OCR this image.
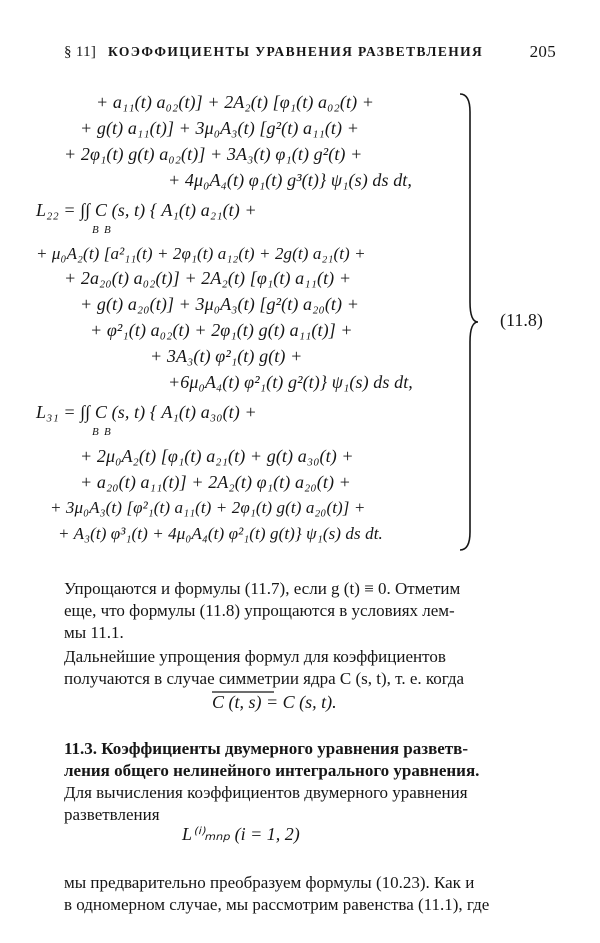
§ 11] КОЭФФИЦИЕНТЫ УРАВНЕНИЯ РАЗВЕТВЛЕНИЯ	205
+ a₁₁(t) a₀₂(t)] + 2A₂(t) [φ₁(t) a₀₂(t) +
+ g(t) a₁₁(t)] + 3μ₀A₃(t) [g²(t) a₁₁(t) +
+ 2φ₁(t) g(t) a₀₂(t)] + 3A₃(t) φ₁(t) g²(t) +
+ 4μ₀A₄(t) φ₁(t) g³(t)} ψ₁(s) ds dt,
L₂₂ = ∫∫ C (s, t) { A₁(t) a₂₁(t) +
+ μ₀A₂(t) [a²₁₁(t) + 2φ₁(t) a₁₂(t) + 2g(t) a₂₁(t) +
+ 2a₂₀(t) a₀₂(t)] + 2A₂(t) [φ₁(t) a₁₁(t) +
+ g(t) a₂₀(t)] + 3μ₀A₃(t) [g²(t) a₂₀(t) +
+ φ²₁(t) a₀₂(t) + 2φ₁(t) g(t) a₁₁(t)] +
+ 3A₃(t) φ²₁(t) g(t) +
+6μ₀A₄(t) φ²₁(t) g²(t)} ψ₁(s) ds dt,
L₃₁ = ∫∫ C (s, t) { A₁(t) a₃₀(t) +
+ 2μ₀A₂(t) [φ₁(t) a₂₁(t) + g(t) a₃₀(t) +
+ a₂₀(t) a₁₁(t)] + 2A₂(t) φ₁(t) a₂₀(t) +
+ 3μ₀A₃(t) [φ²₁(t) a₁₁(t) + 2φ₁(t) g(t) a₂₀(t)] +
+ A₃(t) φ³₁(t) + 4μ₀A₄(t) φ²₁(t) g(t)} ψ₁(s) ds dt.
B B
B B
(11.8)
Упрощаются и формулы (11.7), если g (t) ≡ 0. Отметим
еще, что формулы (11.8) упрощаются в условиях лем-
мы 11.1.
Дальнейшие упрощения формул для коэффициентов
получаются в случае симметрии ядра C (s, t), т. е. когда
C (t, s) = C (s, t).
11.3. Коэффициенты двумерного уравнения разветв-
ления общего нелинейного интегрального уравнения.
Для вычисления коэффициентов двумерного уравнения
разветвления
L⁽ⁱ⁾ₘₙₚ (i = 1, 2)
мы предварительно преобразуем формулы (10.23). Как и
в одномерном случае, мы рассмотрим равенства (11.1), где
